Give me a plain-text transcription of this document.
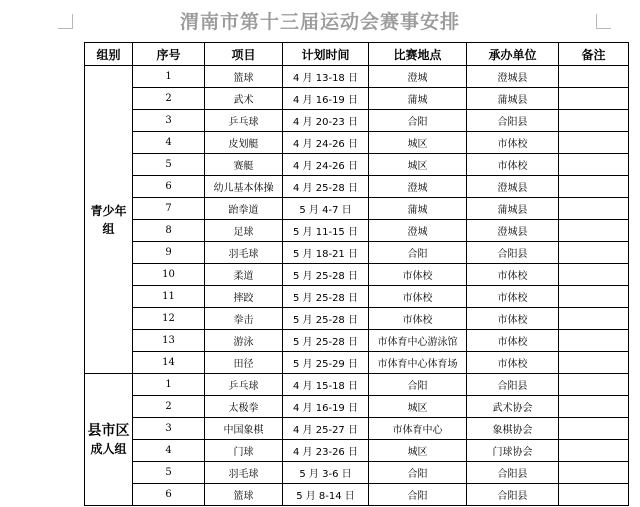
渭南市第十三届运动会赛事安排
组别	序号	项目	计划时间	比赛地点	承办单位	备注

青少年
组	1	篮球	4 月 13-18 日	澄城	澄城县	
	2	武术	4 月 16-19 日	蒲城	蒲城县	
	3	乒乓球	4 月 20-23 日	合阳	合阳县	
	4	皮划艇	4 月 24-26 日	城区	市体校	
	5	赛艇	4 月 24-26 日	城区	市体校	
	6	幼儿基本体操	4 月 25-28 日	澄城	澄城县	
	7	跆拳道	5 月 4-7 日	蒲城	蒲城县	
	8	足球	5 月 11-15 日	澄城	澄城县	
	9	羽毛球	5 月 18-21 日	合阳	合阳县	
	10	柔道	5 月 25-28 日	市体校	市体校	
	11	摔跤	5 月 25-28 日	市体校	市体校	
	12	拳击	5 月 25-28 日	市体校	市体校	
	13	游泳	5 月 25-28 日	市体育中心游泳馆	市体校	
	14	田径	5 月 25-29 日	市体育中心体育场	市体校	

县市区
成人组	1	乒乓球	4 月 15-18 日	合阳	合阳县	
	2	太极拳	4 月 16-19 日	城区	武术协会	
	3	中国象棋	4 月 25-27 日	市体育中心	象棋协会	
	4	门球	4 月 23-26 日	城区	门球协会	
	5	羽毛球	5 月 3-6 日	合阳	合阳县	
	6	篮球	5 月 8-14 日	合阳	合阳县	
